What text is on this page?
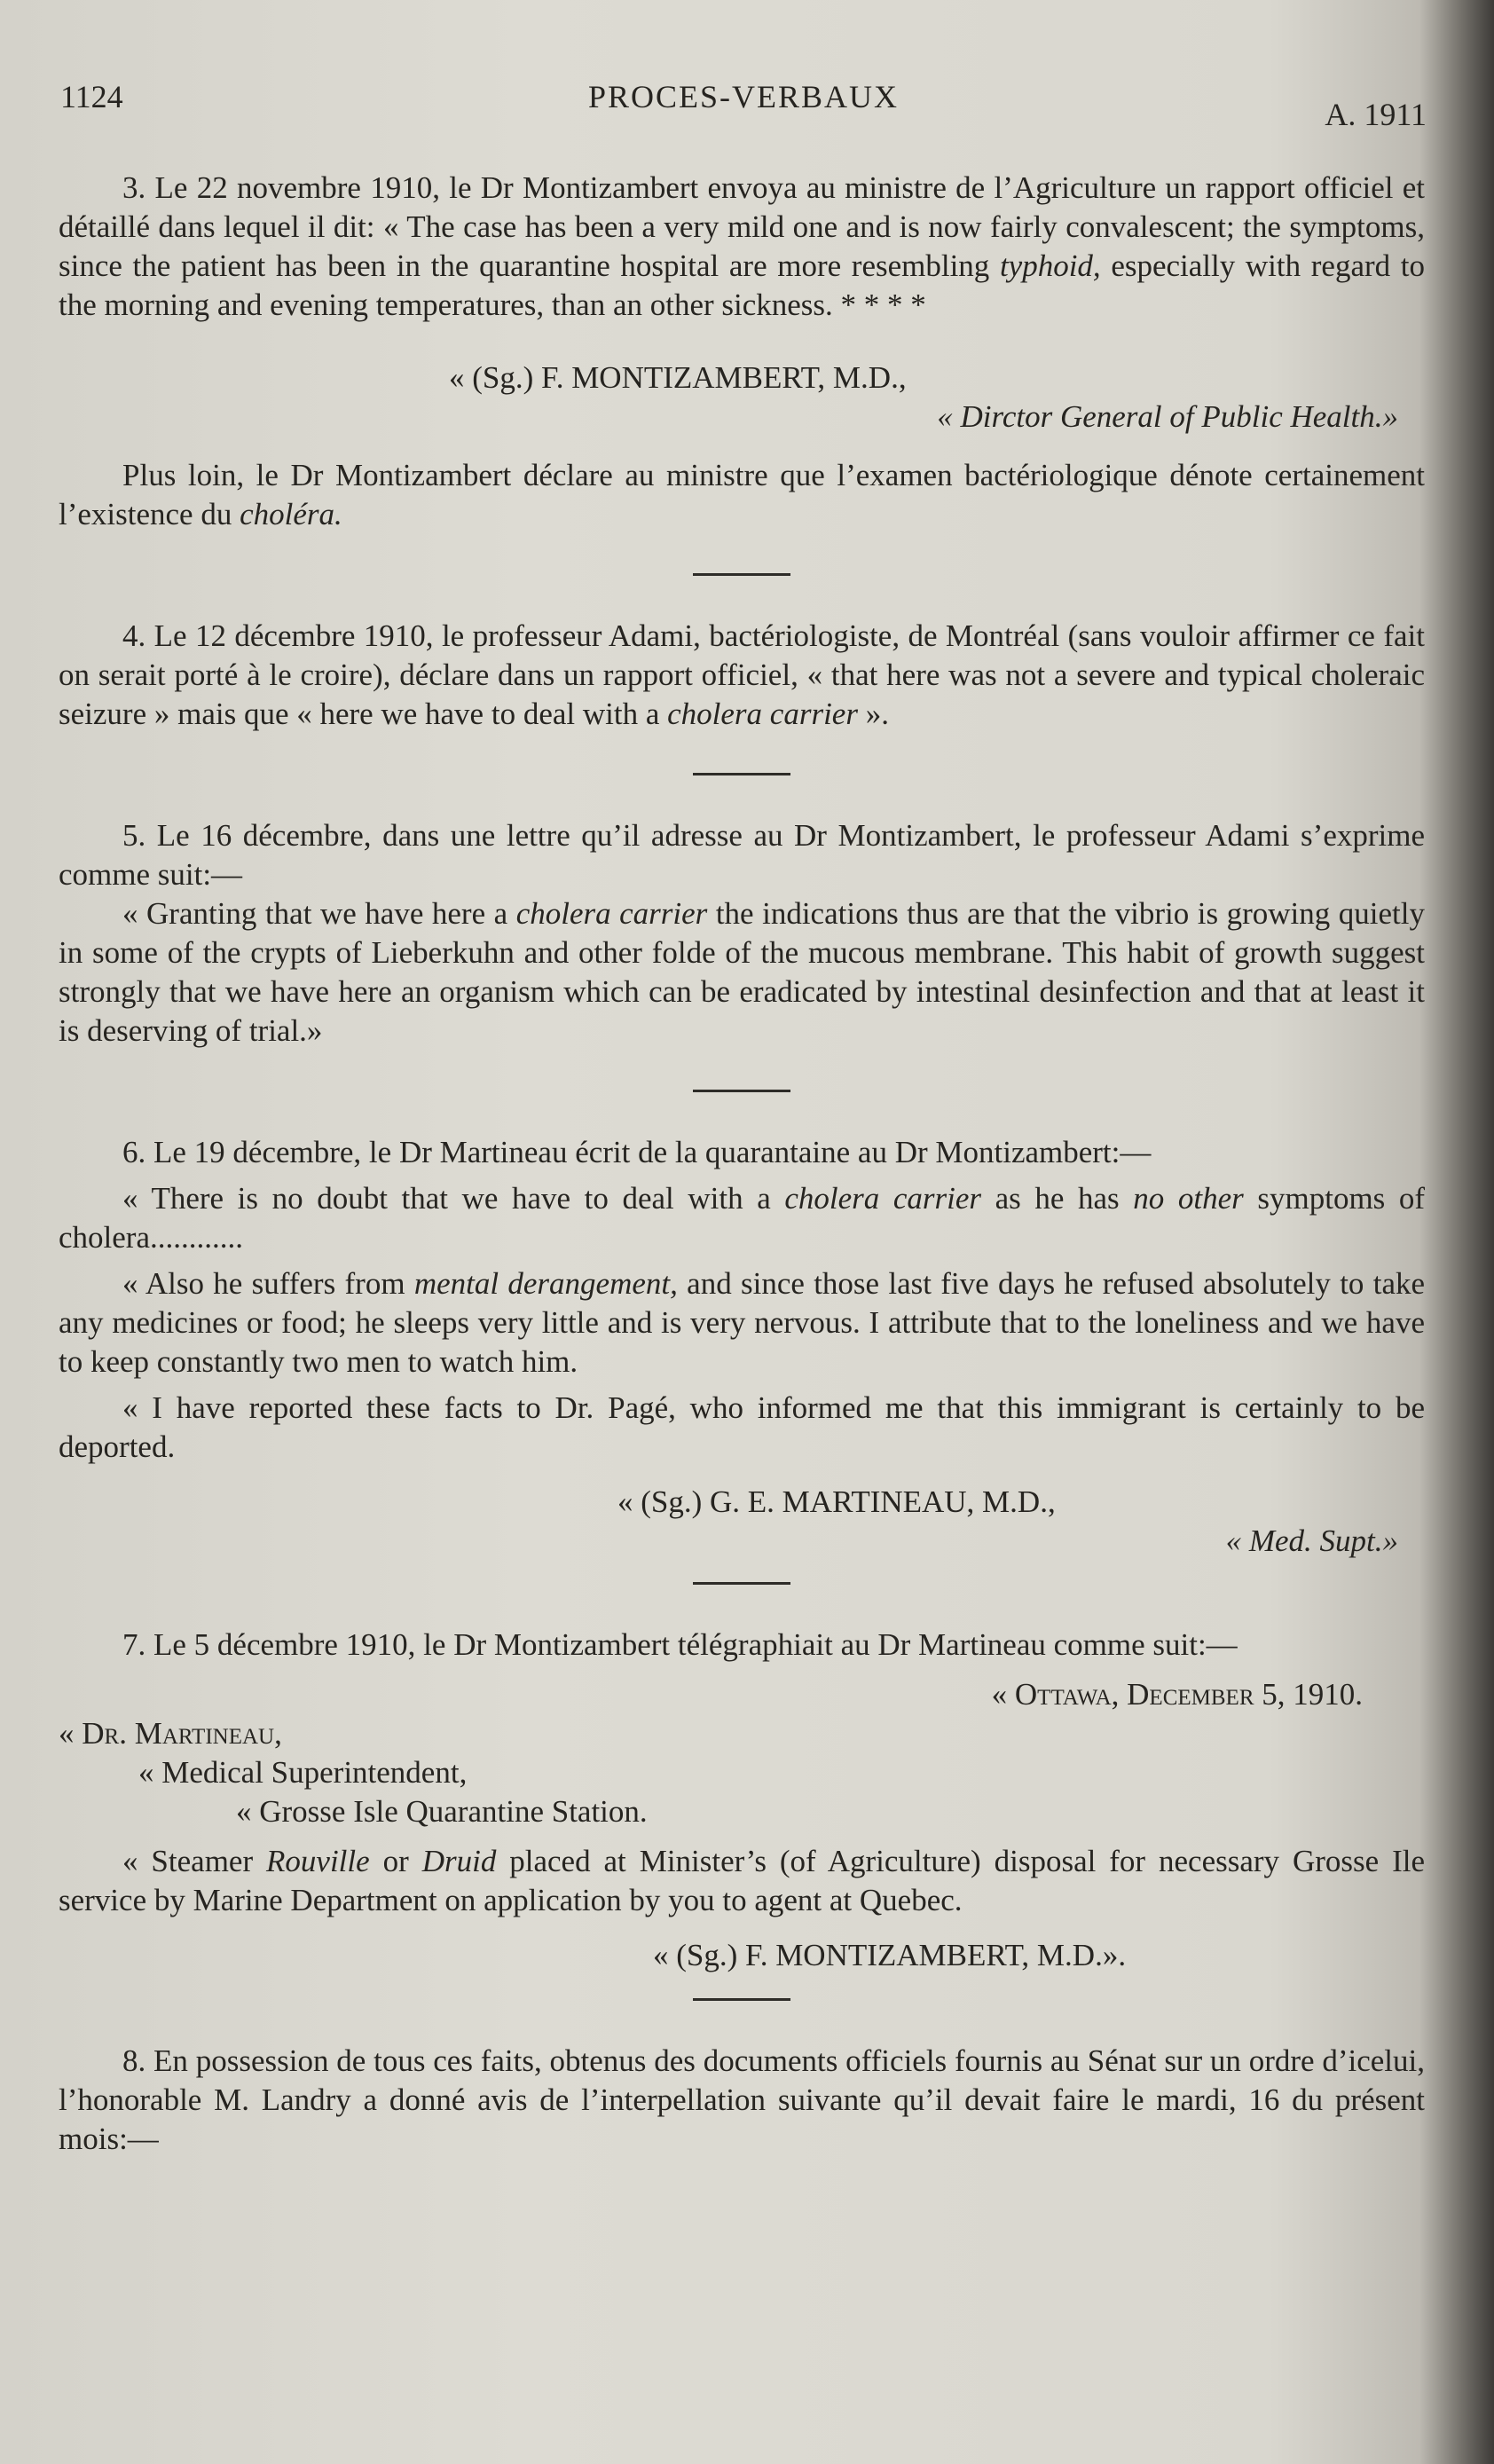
1124	PROCES-VERBAUX	A. 1911

3. Le 22 novembre 1910, le Dr Montizambert envoya au ministre de l’Agriculture un rapport officiel et détaillé dans lequel il dit: « The case has been a very mild one and is now fairly convalescent; the symptoms, since the patient has been in the quarantine hospital are more resembling typhoid, especially with regard to the morning and evening temperatures, than an other sickness. * * * *

« (Sg.) F. MONTIZAMBERT, M.D.,
« Dirctor General of Public Health.»

Plus loin, le Dr Montizambert déclare au ministre que l’examen bactériologique dénote certainement l’existence du choléra.

4. Le 12 décembre 1910, le professeur Adami, bactériologiste, de Montréal (sans vouloir affirmer ce fait on serait porté à le croire), déclare dans un rapport officiel, « that here was not a severe and typical choleraic seizure » mais que « here we have to deal with a cholera carrier ».

5. Le 16 décembre, dans une lettre qu’il adresse au Dr Montizambert, le professeur Adami s’exprime comme suit:—

« Granting that we have here a cholera carrier the indications thus are that the vibrio is growing quietly in some of the crypts of Lieberkuhn and other folde of the mucous membrane. This habit of growth suggest strongly that we have here an organism which can be eradicated by intestinal desinfection and that at least it is deserving of trial.»

6. Le 19 décembre, le Dr Martineau écrit de la quarantaine au Dr Montizambert:—

« There is no doubt that we have to deal with a cholera carrier as he has no other symptoms of cholera............

« Also he suffers from mental derangement, and since those last five days he refused absolutely to take any medicines or food; he sleeps very little and is very nervous. I attribute that to the loneliness and we have to keep constantly two men to watch him.

« I have reported these facts to Dr. Pagé, who informed me that this immigrant is certainly to be deported.

« (Sg.) G. E. MARTINEAU, M.D.,
« Med. Supt.»

7. Le 5 décembre 1910, le Dr Montizambert télégraphiait au Dr Martineau comme suit:—

« Ottawa, December 5, 1910.
« Dr. Martineau,
« Medical Superintendent,
« Grosse Isle Quarantine Station.

« Steamer Rouville or Druid placed at Minister’s (of Agriculture) disposal for necessary Grosse Ile service by Marine Department on application by you to agent at Quebec.

« (Sg.) F. MONTIZAMBERT, M.D.».

8. En possession de tous ces faits, obtenus des documents officiels fournis au Sénat sur un ordre d’icelui, l’honorable M. Landry a donné avis de l’interpellation suivante qu’il devait faire le mardi, 16 du présent mois:—
